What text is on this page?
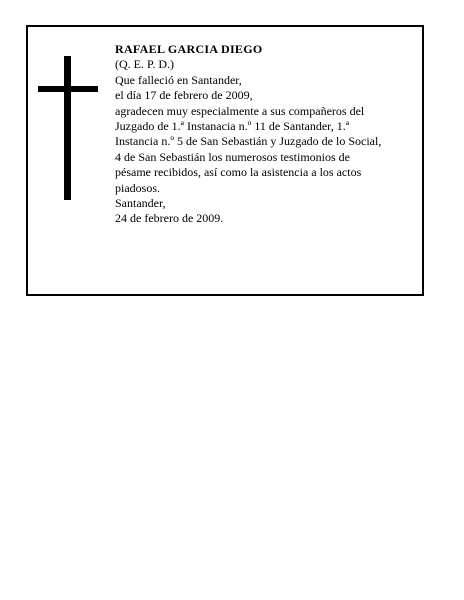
RAFAEL GARCIA DIEGO
(Q. E. P. D.)
Que falleció en Santander,
el día 17 de febrero de 2009,
agradecen muy especialmente a sus compañeros del
Juzgado de 1.ª Instanacia n.º 11 de Santander, 1.ª
Instancia n.º 5 de San Sebastián y Juzgado de lo Social,
4 de San Sebastián los numerosos testimonios de
pésame recibidos, así como la asistencia a los actos
piadosos.
Santander,
24 de febrero de 2009.
